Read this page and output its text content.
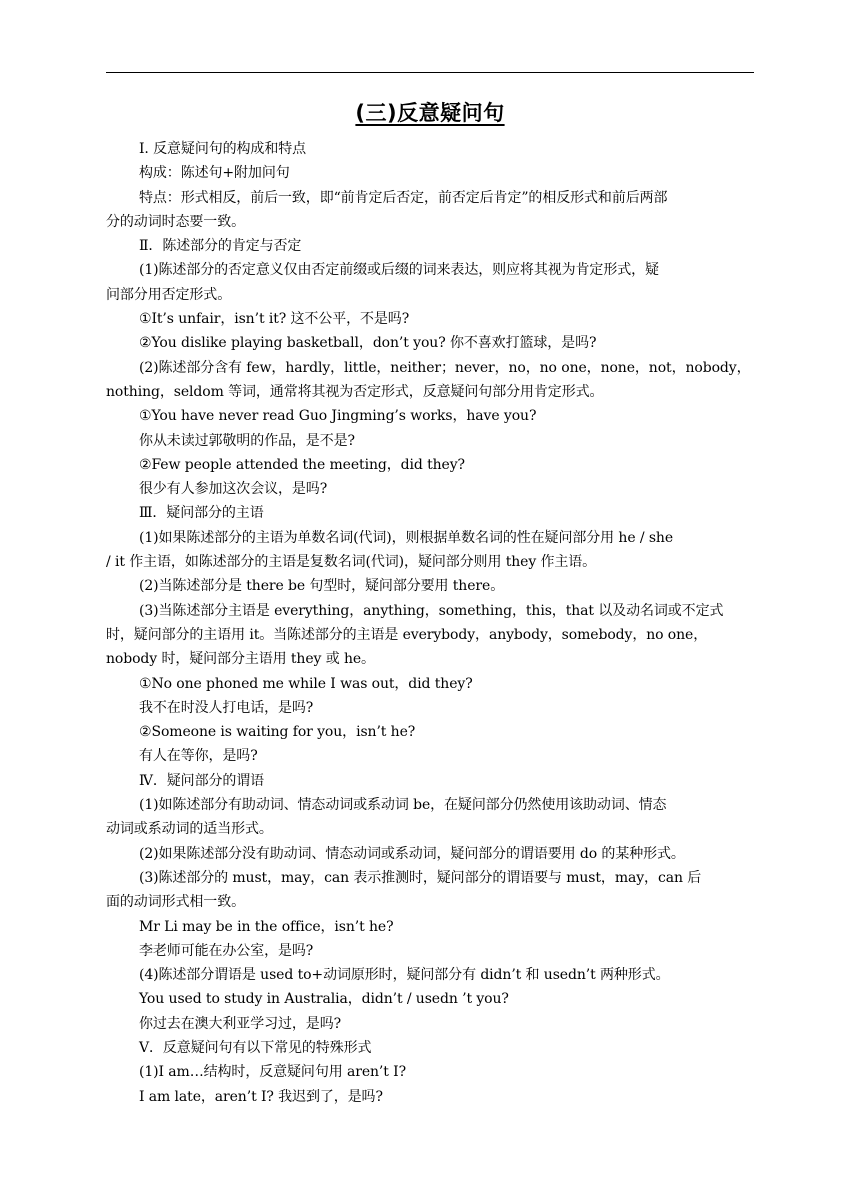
(三)反意疑问句
Ⅰ. 反意疑问句的构成和特点
构成：陈述句+附加问句
特点：形式相反，前后一致，即“前肯定后否定，前否定后肯定”的相反形式和前后两部
分的动词时态要一致。
Ⅱ．陈述部分的肯定与否定
(1)陈述部分的否定意义仅由否定前缀或后缀的词来表达，则应将其视为肯定形式，疑
问部分用否定形式。
①It’s unfair，isn’t it? 这不公平，不是吗?
②You dislike playing basketball，don’t you? 你不喜欢打篮球，是吗?
(2)陈述部分含有 few，hardly，little，neither；never，no，no one，none，not，nobody，
nothing，seldom 等词，通常将其视为否定形式，反意疑问句部分用肯定形式。
①You have never read Guo Jingming’s works，have you?
你从未读过郭敬明的作品，是不是?
②Few people attended the meeting，did they?
很少有人参加这次会议，是吗?
Ⅲ．疑问部分的主语
(1)如果陈述部分的主语为单数名词(代词)，则根据单数名词的性在疑问部分用 he / she
/ it 作主语，如陈述部分的主语是复数名词(代词)，疑问部分则用 they 作主语。
(2)当陈述部分是 there be 句型时，疑问部分要用 there。
(3)当陈述部分主语是 everything，anything，something，this，that 以及动名词或不定式
时，疑问部分的主语用 it。当陈述部分的主语是 everybody，anybody，somebody，no one，
nobody 时，疑问部分主语用 they 或 he。
①No one phoned me while I was out，did they?
我不在时没人打电话，是吗?
②Someone is waiting for you，isn’t he?
有人在等你，是吗?
Ⅳ．疑问部分的谓语
(1)如陈述部分有助动词、情态动词或系动词 be，在疑问部分仍然使用该助动词、情态
动词或系动词的适当形式。
(2)如果陈述部分没有助动词、情态动词或系动词，疑问部分的谓语要用 do 的某种形式。
(3)陈述部分的 must，may，can 表示推测时，疑问部分的谓语要与 must，may，can 后
面的动词形式相一致。
Mr Li may be in the office，isn’t he?
李老师可能在办公室，是吗?
(4)陈述部分谓语是 used to+动词原形时，疑问部分有 didn’t 和 usedn’t 两种形式。
You used to study in Australia，didn’t / usedn ’t you?
你过去在澳大利亚学习过，是吗?
Ⅴ．反意疑问句有以下常见的特殊形式
(1)I am…结构时，反意疑问句用 aren’t I?
I am late，aren’t I? 我迟到了，是吗?
